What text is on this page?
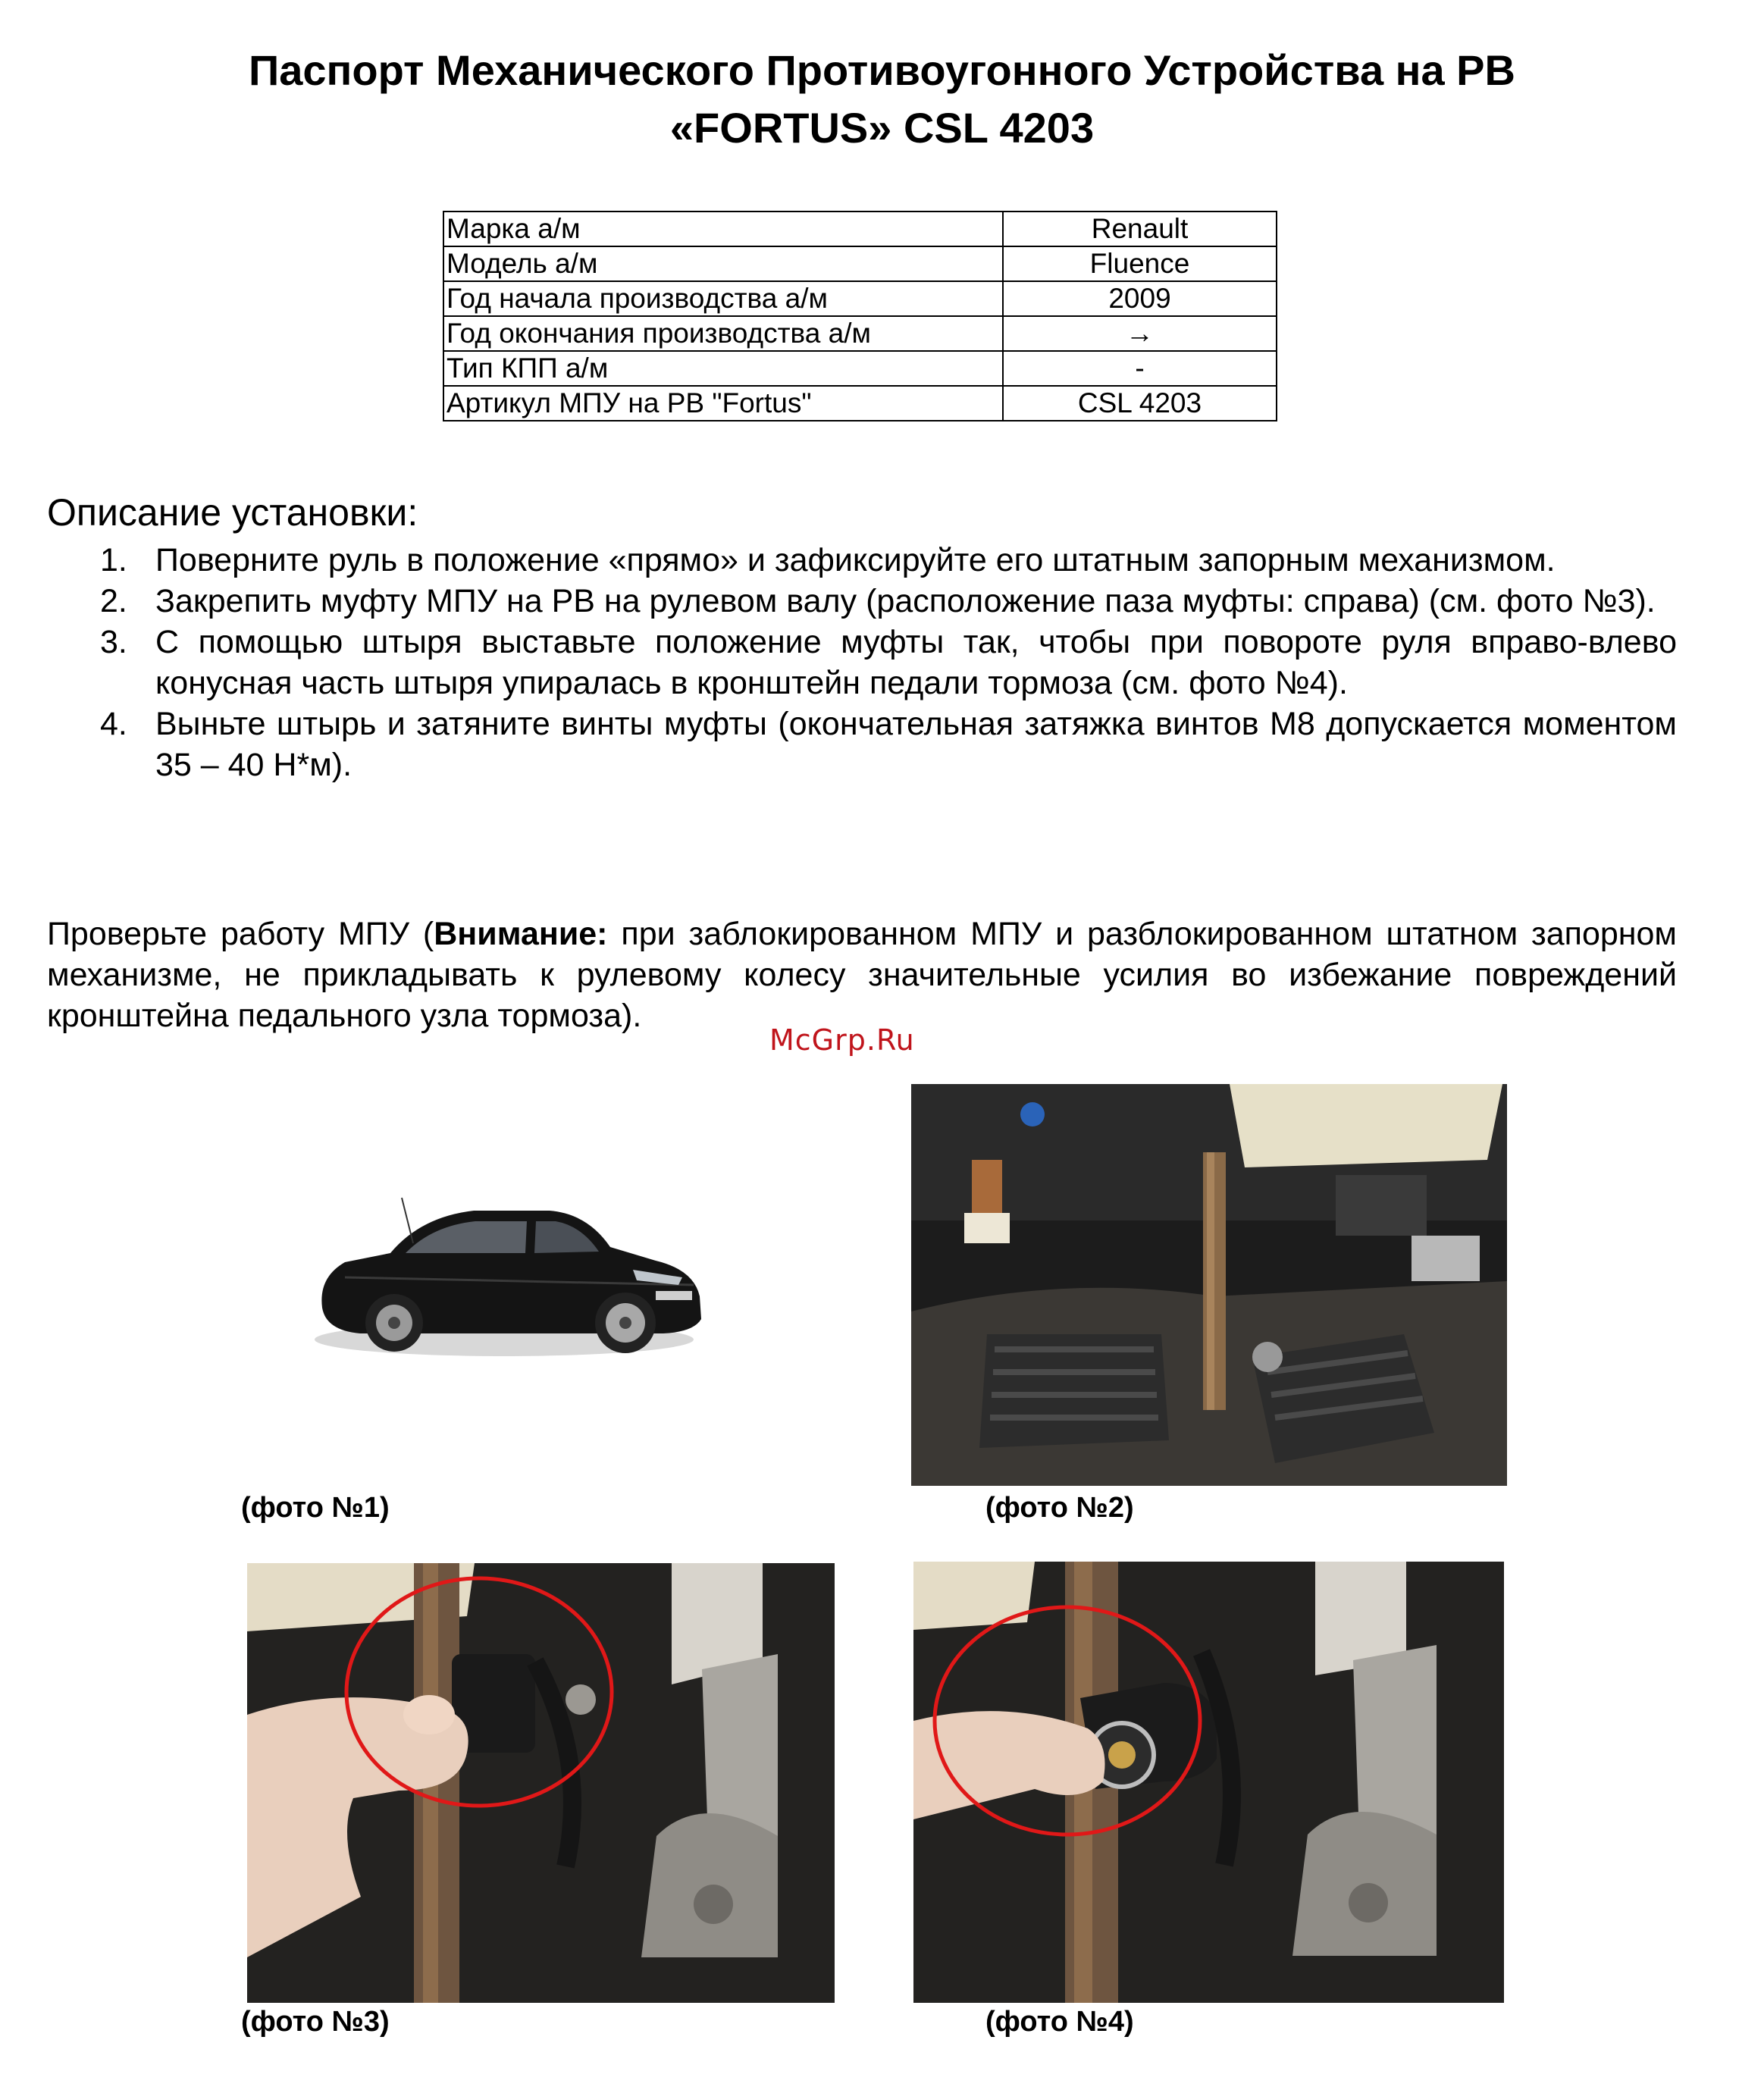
Паспорт Механического Противоугонного Устройства на РВ
«FORTUS» CSL 4203
Марка а/м	Renault
Модель а/м	Fluence
Год начала производства а/м	2009
Год окончания производства а/м	→
Тип КПП а/м	-
Артикул МПУ на РВ "Fortus"	CSL 4203
Описание установки:
1. Поверните руль в положение «прямо» и зафиксируйте его штатным запорным механизмом.
2. Закрепить муфту МПУ на РВ на рулевом валу (расположение паза муфты: справа) (см. фото №3).
3. С помощью штыря выставьте положение муфты так, чтобы при повороте руля вправо-влево конусная часть штыря упиралась в кронштейн педали тормоза (см. фото №4).
4. Выньте штырь и затяните винты муфты (окончательная затяжка винтов М8 допускается моментом 35 – 40 Н*м).
Проверьте работу МПУ (Внимание: при заблокированном МПУ и разблокированном штатном запорном механизме, не прикладывать к рулевому колесу значительные усилия во избежание повреждений кронштейна педального узла тормоза).
McGrp.Ru
(фото №1)	(фото №2)
(фото №3)	(фото №4)
